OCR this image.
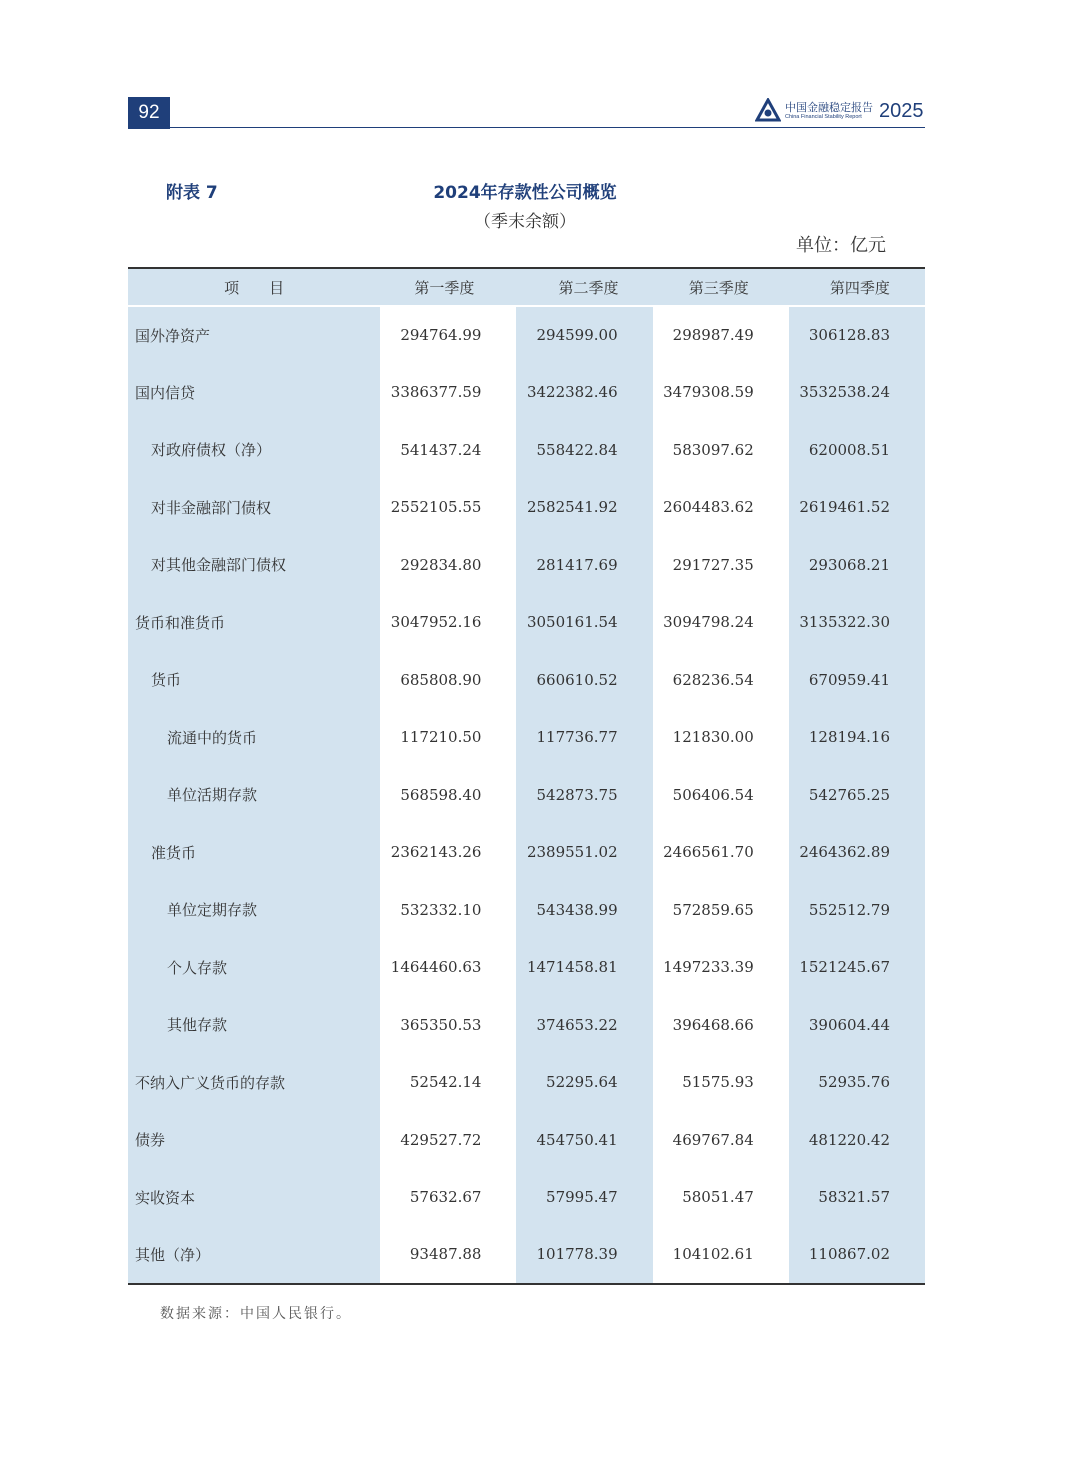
92	中国金融稳定报告
China Financial Stability Report 2025
附表 7	2024年存款性公司概览
（季末余额）
单位：亿元
项　　目	第一季度	第二季度	第三季度	第四季度
国外净资产	294764.99	294599.00	298987.49	306128.83
国内信贷	3386377.59	3422382.46	3479308.59	3532538.24
对政府债权（净）	541437.24	558422.84	583097.62	620008.51
对非金融部门债权	2552105.55	2582541.92	2604483.62	2619461.52
对其他金融部门债权	292834.80	281417.69	291727.35	293068.21
货币和准货币	3047952.16	3050161.54	3094798.24	3135322.30
货币	685808.90	660610.52	628236.54	670959.41
流通中的货币	117210.50	117736.77	121830.00	128194.16
单位活期存款	568598.40	542873.75	506406.54	542765.25
准货币	2362143.26	2389551.02	2466561.70	2464362.89
单位定期存款	532332.10	543438.99	572859.65	552512.79
个人存款	1464460.63	1471458.81	1497233.39	1521245.67
其他存款	365350.53	374653.22	396468.66	390604.44
不纳入广义货币的存款	52542.14	52295.64	51575.93	52935.76
债券	429527.72	454750.41	469767.84	481220.42
实收资本	57632.67	57995.47	58051.47	58321.57
其他（净）	93487.88	101778.39	104102.61	110867.02
数据来源：中国人民银行。
